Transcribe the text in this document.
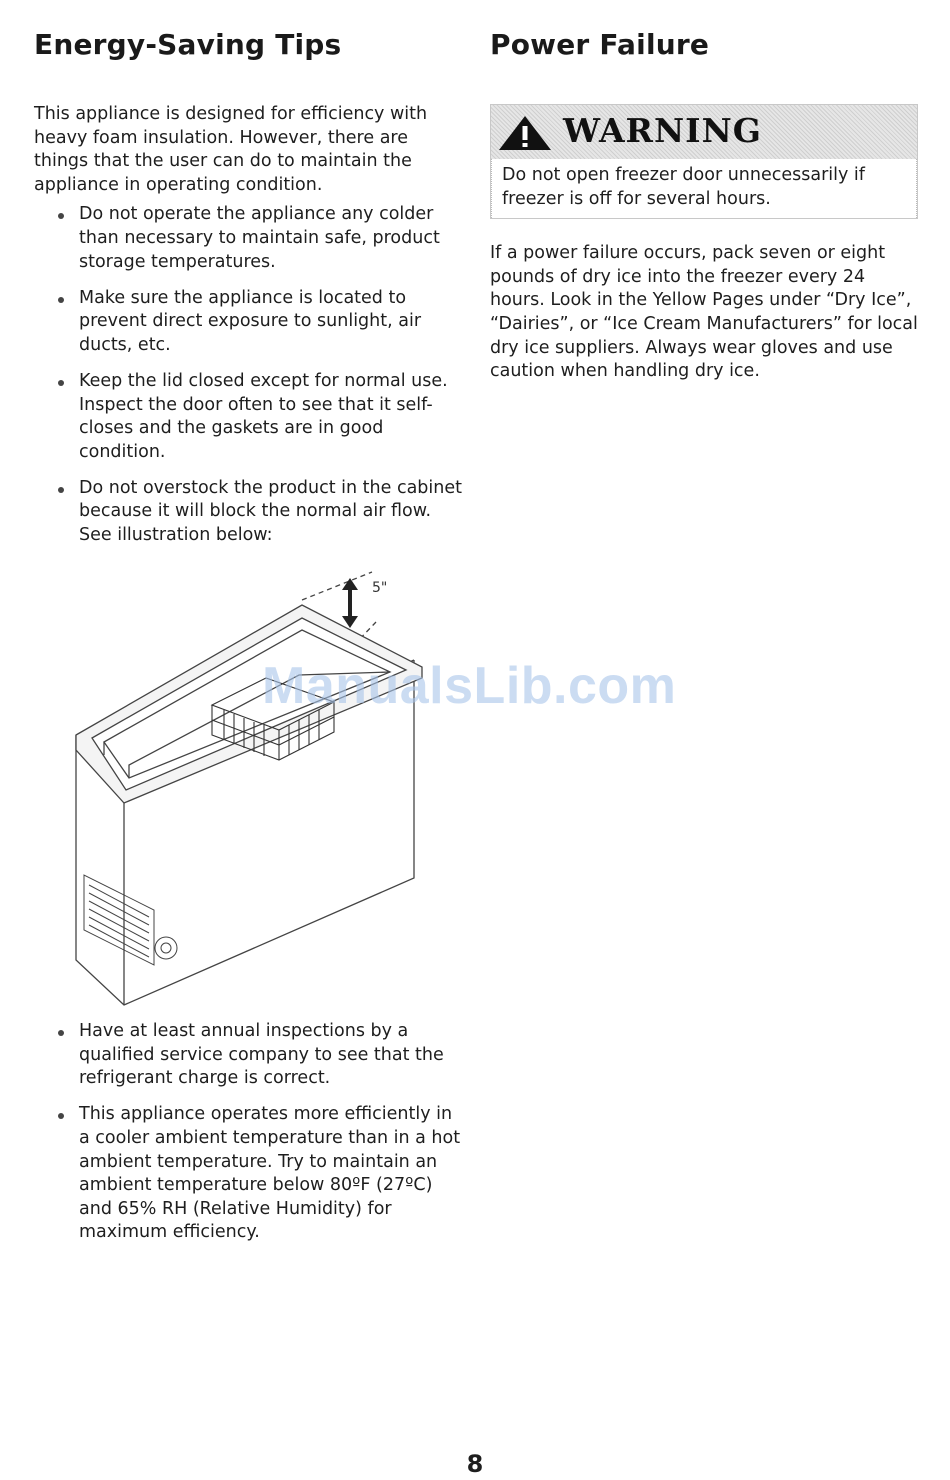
Energy-Saving Tips

This appliance is designed for efficiency with heavy foam insulation. However, there are things that the user can do to maintain the appliance in operating condition.

Do not operate the appliance any colder than necessary to maintain safe, product storage temperatures.
Make sure the appliance is located to prevent direct exposure to sunlight, air ducts, etc.
Keep the lid closed except for normal use. Inspect the door often to see that it self-closes and the gaskets are in good condition.
Do not overstock the product in the cabinet because it will block the normal air flow. See illustration below:
5"
Have at least annual inspections by a qualified service company to see that the refrigerant charge is correct.
This appliance operates more efficiently in a cooler ambient temperature than in a hot ambient temperature. Try to maintain an ambient temperature below 80ºF (27ºC) and 65% RH (Relative Humidity) for maximum efficiency.
Power Failure
WARNING
Do not open freezer door unnecessarily if freezer is off for several hours.

If a power failure occurs, pack seven or eight pounds of dry ice into the freezer every 24 hours. Look in the Yellow Pages under “Dry Ice”, “Dairies”, or “Ice Cream Manufacturers” for local dry ice suppliers. Always wear gloves and use caution when handling dry ice.

ManualsLib.com
8
